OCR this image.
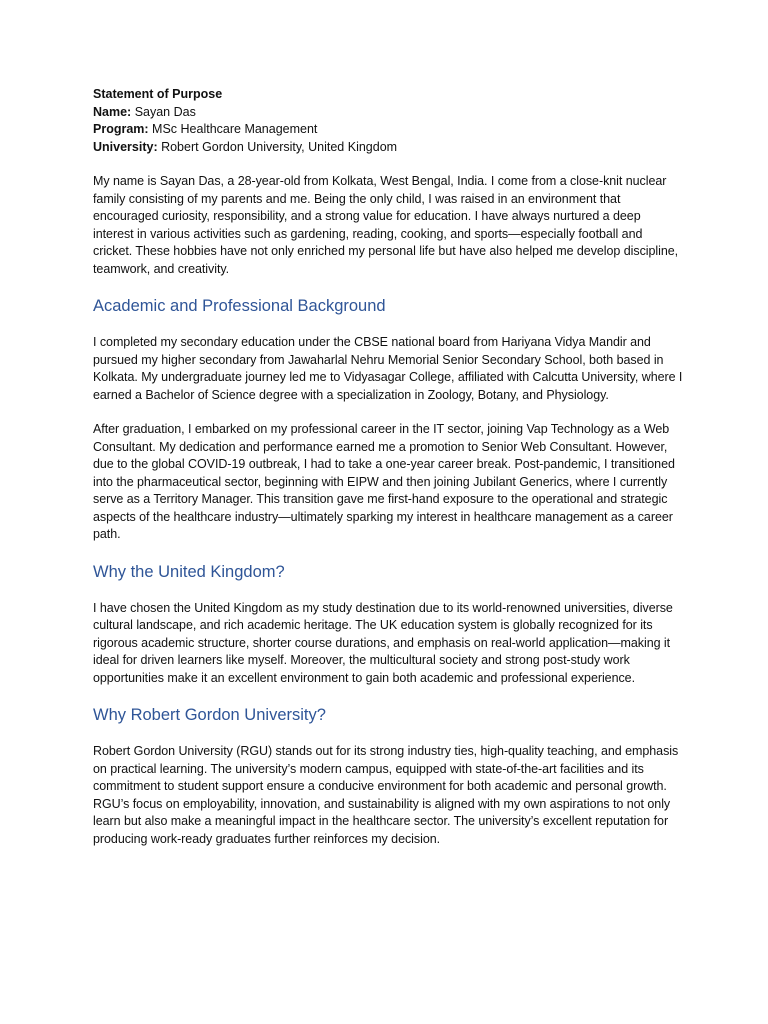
Statement of Purpose
Name: Sayan Das
Program: MSc Healthcare Management
University: Robert Gordon University, United Kingdom

My name is Sayan Das, a 28-year-old from Kolkata, West Bengal, India. I come from a close-knit nuclear family consisting of my parents and me. Being the only child, I was raised in an environment that encouraged curiosity, responsibility, and a strong value for education. I have always nurtured a deep interest in various activities such as gardening, reading, cooking, and sports—especially football and cricket. These hobbies have not only enriched my personal life but have also helped me develop discipline, teamwork, and creativity.

Academic and Professional Background

I completed my secondary education under the CBSE national board from Hariyana Vidya Mandir and pursued my higher secondary from Jawaharlal Nehru Memorial Senior Secondary School, both based in Kolkata. My undergraduate journey led me to Vidyasagar College, affiliated with Calcutta University, where I earned a Bachelor of Science degree with a specialization in Zoology, Botany, and Physiology.

After graduation, I embarked on my professional career in the IT sector, joining Vap Technology as a Web Consultant. My dedication and performance earned me a promotion to Senior Web Consultant. However, due to the global COVID-19 outbreak, I had to take a one-year career break. Post-pandemic, I transitioned into the pharmaceutical sector, beginning with EIPW and then joining Jubilant Generics, where I currently serve as a Territory Manager. This transition gave me first-hand exposure to the operational and strategic aspects of the healthcare industry—ultimately sparking my interest in healthcare management as a career path.

Why the United Kingdom?

I have chosen the United Kingdom as my study destination due to its world-renowned universities, diverse cultural landscape, and rich academic heritage. The UK education system is globally recognized for its rigorous academic structure, shorter course durations, and emphasis on real-world application—making it ideal for driven learners like myself. Moreover, the multicultural society and strong post-study work opportunities make it an excellent environment to gain both academic and professional experience.

Why Robert Gordon University?

Robert Gordon University (RGU) stands out for its strong industry ties, high-quality teaching, and emphasis on practical learning. The university’s modern campus, equipped with state-of-the-art facilities and its commitment to student support ensure a conducive environment for both academic and personal growth. RGU’s focus on employability, innovation, and sustainability is aligned with my own aspirations to not only learn but also make a meaningful impact in the healthcare sector. The university’s excellent reputation for producing work-ready graduates further reinforces my decision.
